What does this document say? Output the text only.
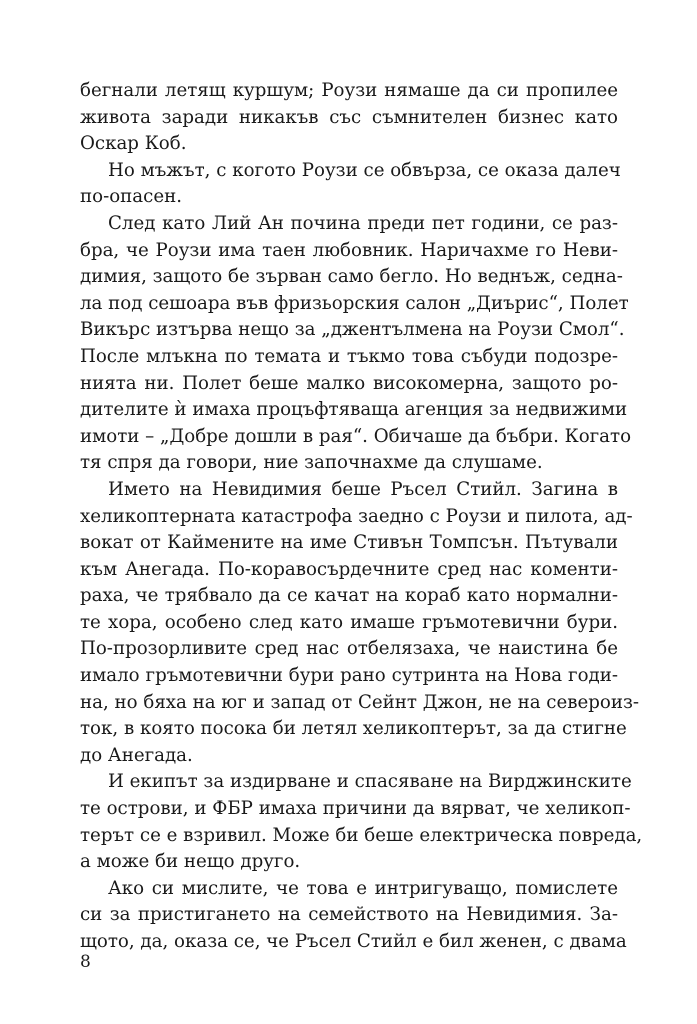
бегнали летящ куршум; Роузи нямаше да си пропилее
живота заради никакъв със съмнителен бизнес като
Оскар Коб.
Но мъжът, с когото Роузи се обвърза, се оказа далеч
по-опасен.
След като Лий Ан почина преди пет години, се раз-
бра, че Роузи има таен любовник. Наричахме го Неви-
димия, защото бе зърван само бегло. Но веднъж, седна-
ла под сешоара във фризьорския салон „Диърис“, Полет
Викърс изтърва нещо за „джентълмена на Роузи Смол“.
После млъкна по темата и тъкмо това събуди подозре-
нията ни. Полет беше малко високомерна, защото ро-
дителите ѝ имаха процъфтяваща агенция за недвижими
имоти – „Добре дошли в рая“. Обичаше да бъбри. Когато
тя спря да говори, ние започнахме да слушаме.
Името на Невидимия беше Ръсел Стийл. Загина в
хеликоптерната катастрофа заедно с Роузи и пилота, ад-
вокат от Каймените на име Стивън Томпсън. Пътували
към Анегада. По-коравосърдечните сред нас коменти-
раха, че трябвало да се качат на кораб като нормални-
те хора, особено след като имаше гръмотевични бури.
По-прозорливите сред нас отбелязаха, че наистина бе
имало гръмотевични бури рано сутринта на Нова годи-
на, но бяха на юг и запад от Сейнт Джон, не на североиз-
ток, в която посока би летял хеликоптерът, за да стигне
до Анегада.
И екипът за издирване и спасяване на Вирджинските
те острови, и ФБР имаха причини да вярват, че хеликоп-
терът се е взривил. Може би беше електрическа повреда,
а може би нещо друго.
Ако си мислите, че това е интригуващо, помислете
си за пристигането на семейството на Невидимия. За-
щото, да, оказа се, че Ръсел Стийл е бил женен, с двама
8
